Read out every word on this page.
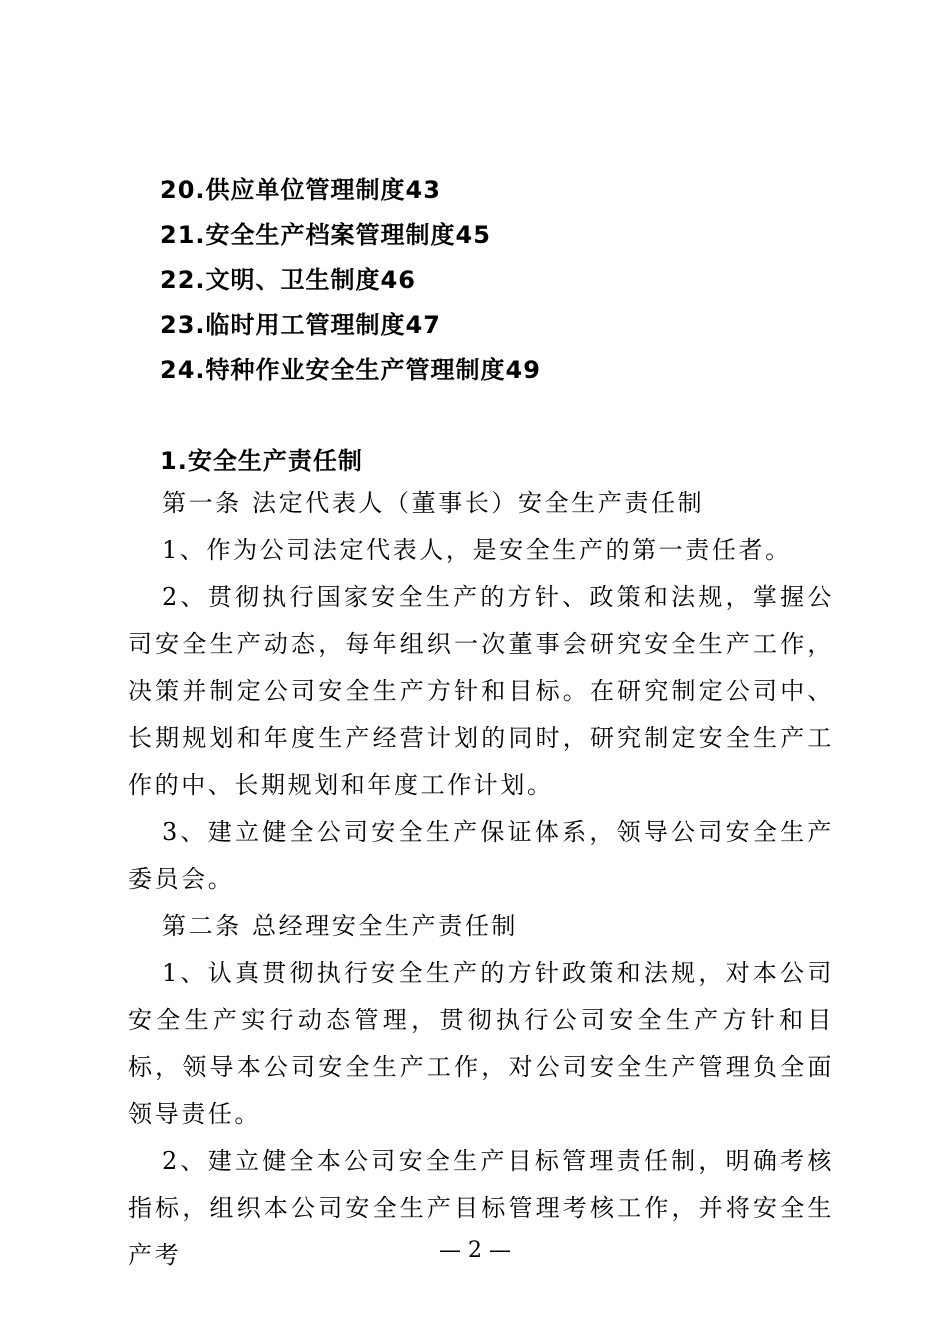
20.供应单位管理制度43
21.安全生产档案管理制度45
22.文明、卫生制度46
23.临时用工管理制度47
24.特种作业安全生产管理制度49
1.安全生产责任制

第一条 法定代表人（董事长）安全生产责任制

1、作为公司法定代表人，是安全生产的第一责任者。

2、贯彻执行国家安全生产的方针、政策和法规，掌握公司安全生产动态，每年组织一次董事会研究安全生产工作，决策并制定公司安全生产方针和目标。在研究制定公司中、长期规划和年度生产经营计划的同时，研究制定安全生产工作的中、长期规划和年度工作计划。

3、建立健全公司安全生产保证体系，领导公司安全生产委员会。

第二条 总经理安全生产责任制

1、认真贯彻执行安全生产的方针政策和法规，对本公司安全生产实行动态管理，贯彻执行公司安全生产方针和目标，领导本公司安全生产工作，对公司安全生产管理负全面领导责任。

2、建立健全本公司安全生产目标管理责任制，明确考核指标，组织本公司安全生产目标管理考核工作，并将安全生产考	— 2 —
